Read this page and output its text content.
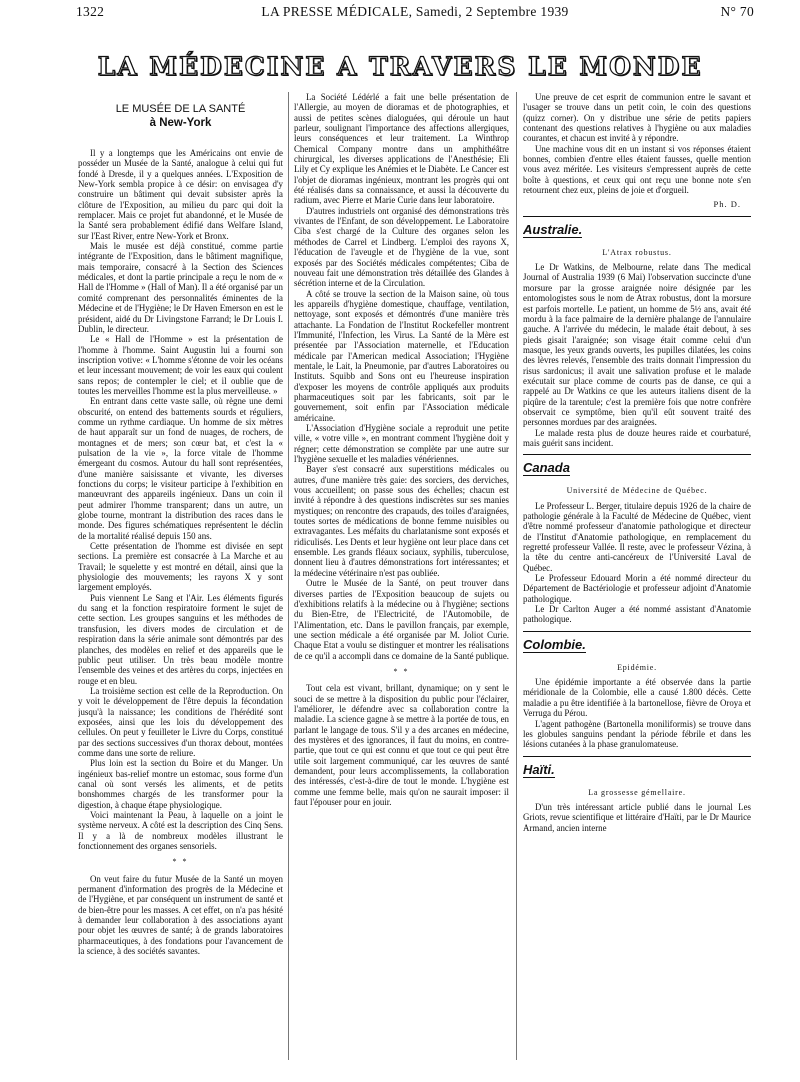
1322	LA PRESSE MÉDICALE, Samedi, 2 Septembre 1939	N° 70
LA MÉDECINE A TRAVERS LE MONDE
LE MUSÉE DE LA SANTÉ
à New-York

Il y a longtemps que les Américains ont envie de posséder un Musée de la Santé, analogue à celui qui fut fondé à Dresde, il y a quelques années. L'Exposition de New-York sembla propice à ce désir: on envisagea d'y construire un bâtiment qui devait subsister après la clôture de l'Exposition, au milieu du parc qui doit la remplacer. Mais ce projet fut abandonné, et le Musée de la Santé sera probablement édifié dans Welfare Island, sur l'East River, entre New-York et Bronx.

Mais le musée est déjà constitué, comme partie intégrante de l'Exposition, dans le bâtiment magnifique, mais temporaire, consacré à la Section des Sciences médicales, et dont la partie principale a reçu le nom de « Hall de l'Homme » (Hall of Man). Il a été organisé par un comité comprenant des personnalités éminentes de la Médecine et de l'Hygiène; le Dr Haven Emerson en est le président, aidé du Dr Livingstone Farrand; le Dr Louis I. Dublin, le directeur.

Le « Hall de l'Homme » est la présentation de l'homme à l'homme. Saint Augustin lui a fourni son inscription votive: « L'homme s'étonne de voir les océans et leur incessant mouvement; de voir les eaux qui coulent sans repos; de contempler le ciel; et il oublie que de toutes les merveilles l'homme est la plus merveilleuse. »

En entrant dans cette vaste salle, où règne une demi obscurité, on entend des battements sourds et réguliers, comme un rythme cardiaque. Un homme de six mètres de haut apparaît sur un fond de nuages, de rochers, de montagnes et de mers; son cœur bat, et c'est la « pulsation de la vie », la force vitale de l'homme émergeant du cosmos. Autour du hall sont représentées, d'une manière saisissante et vivante, les diverses fonctions du corps; le visiteur participe à l'exhibition en manœuvrant des appareils ingénieux. Dans un coin il peut admirer l'homme transparent; dans un autre, un globe tourne, montrant la distribution des races dans le monde. Des figures schématiques représentent le déclin de la mortalité réalisé depuis 150 ans.

Cette présentation de l'homme est divisée en sept sections. La première est consacrée à La Marche et au Travail; le squelette y est montré en détail, ainsi que la physiologie des mouvements; les rayons X y sont largement employés.

Puis viennent Le Sang et l'Air. Les éléments figurés du sang et la fonction respiratoire forment le sujet de cette section. Les groupes sanguins et les méthodes de transfusion, les divers modes de circulation et de respiration dans la série animale sont démontrés par des planches, des modèles en relief et des appareils que le public peut utiliser. Un très beau modèle montre l'ensemble des veines et des artères du corps, injectées en rouge et en bleu.

La troisième section est celle de la Reproduction. On y voit le développement de l'être depuis la fécondation jusqu'à la naissance; les conditions de l'hérédité sont exposées, ainsi que les lois du développement des cellules. On peut y feuilleter le Livre du Corps, constitué par des sections successives d'un thorax debout, montées comme dans une sorte de reliure.

Plus loin est la section du Boire et du Manger. Un ingénieux bas-relief montre un estomac, sous forme d'un canal où sont versés les aliments, et de petits bonshommes chargés de les transformer pour la digestion, à chaque étape physiologique.

Voici maintenant la Peau, à laquelle on a joint le système nerveux. A côté est la description des Cinq Sens. Il y a là de nombreux modèles illustrant le fonctionnement des organes sensoriels.

* *

On veut faire du futur Musée de la Santé un moyen permanent d'information des progrès de la Médecine et de l'Hygiène, et par conséquent un instrument de santé et de bien-être pour les masses. A cet effet, on n'a pas hésité à demander leur collaboration à des associations ayant pour objet les œuvres de santé; à de grands laboratoires pharmaceutiques, à des fondations pour l'avancement de la science, à des sociétés savantes.

La Société Lédérlé a fait une belle présentation de l'Allergie, au moyen de dioramas et de photographies, et aussi de petites scènes dialoguées, qui déroule un haut parleur, soulignant l'importance des affections allergiques, leurs conséquences et leur traitement. La Winthrop Chemical Company montre dans un amphithéâtre chirurgical, les diverses applications de l'Anesthésie; Eli Lily et Cy explique les Anémies et le Diabète. Le Cancer est l'objet de dioramas ingénieux, montrant les progrès qui ont été réalisés dans sa connaissance, et aussi la découverte du radium, avec Pierre et Marie Curie dans leur laboratoire.

D'autres industriels ont organisé des démonstrations très vivantes de l'Enfant, de son développement. Le Laboratoire Ciba s'est chargé de la Culture des organes selon les méthodes de Carrel et Lindberg. L'emploi des rayons X, l'éducation de l'aveugle et de l'hygiène de la vue, sont exposés par des Sociétés médicales compétentes; Ciba de nouveau fait une démonstration très détaillée des Glandes à sécrétion interne et de la Circulation.

A côté se trouve la section de la Maison saine, où tous les appareils d'hygiène domestique, chauffage, ventilation, nettoyage, sont exposés et démontrés d'une manière très attachante. La Fondation de l'Institut Rockefeller montrent l'Immunité, l'Infection, les Virus. La Santé de la Mère est présentée par l'Association maternelle, et l'Education médicale par l'American medical Association; l'Hygiène mentale, le Lait, la Pneumonie, par d'autres Laboratoires ou Instituts. Squibb and Sons ont eu l'heureuse inspiration d'exposer les moyens de contrôle appliqués aux produits pharmaceutiques soit par les fabricants, soit par le gouvernement, soit enfin par l'Association médicale américaine.

L'Association d'Hygiène sociale a reproduit une petite ville, « votre ville », en montrant comment l'hygiène doit y régner; cette démonstration se complète par une autre sur l'hygiène sexuelle et les maladies vénériennes.

Bayer s'est consacré aux superstitions médicales ou autres, d'une manière très gaie: des sorciers, des derviches, vous accueillent; on passe sous des échelles; chacun est invité à répondre à des questions indiscrètes sur ses manies mystiques; on rencontre des crapauds, des toiles d'araignées, toutes sortes de médications de bonne femme nuisibles ou extravagantes. Les méfaits du charlatanisme sont exposés et ridiculisés. Les Dents et leur hygiène ont leur place dans cet ensemble. Les grands fléaux sociaux, syphilis, tuberculose, donnent lieu à d'autres démonstrations fort intéressantes; et la médecine vétérinaire n'est pas oubliée.

Outre le Musée de la Santé, on peut trouver dans diverses parties de l'Exposition beaucoup de sujets ou d'exhibitions relatifs à la médecine ou à l'hygiène; sections du Bien-Etre, de l'Electricité, de l'Automobile, de l'Alimentation, etc. Dans le pavillon français, par exemple, une section médicale a été organisée par M. Joliot Curie. Chaque Etat a voulu se distinguer et montrer les réalisations de ce qu'il a accompli dans ce domaine de la Santé publique.

* *

Tout cela est vivant, brillant, dynamique; on y sent le souci de se mettre à la disposition du public pour l'éclairer, l'améliorer, le défendre avec sa collaboration contre la maladie. La science gagne à se mettre à la portée de tous, en parlant le langage de tous. S'il y a des arcanes en médecine, des mystères et des ignorances, il faut du moins, en contre-partie, que tout ce qui est connu et que tout ce qui peut être utile soit largement communiqué, car les œuvres de santé demandent, pour leurs accomplissements, la collaboration des intéressés, c'est-à-dire de tout le monde. L'hygiène est comme une femme belle, mais qu'on ne saurait imposer: il faut l'épouser pour en jouir.

Une preuve de cet esprit de communion entre le savant et l'usager se trouve dans un petit coin, le coin des questions (quizz corner). On y distribue une série de petits papiers contenant des questions relatives à l'hygiène ou aux maladies courantes, et chacun est invité à y répondre.

Une machine vous dit en un instant si vos réponses étaient bonnes, combien d'entre elles étaient fausses, quelle mention vous avez méritée. Les visiteurs s'empressent auprès de cette boîte à questions, et ceux qui ont reçu une bonne note s'en retournent chez eux, pleins de joie et d'orgueil.

Ph. D.
Australie.
L'Atrax robustus.

Le Dr Watkins, de Melbourne, relate dans The medical Journal of Australia 1939 (6 Mai) l'observation succincte d'une morsure par la grosse araignée noire désignée par les entomologistes sous le nom de Atrax robustus, dont la morsure est parfois mortelle. Le patient, un homme de 5½ ans, avait été mordu à la face palmaire de la dernière phalange de l'annulaire gauche. A l'arrivée du médecin, le malade était debout, à ses pieds gisait l'araignée; son visage était comme celui d'un masque, les yeux grands ouverts, les pupilles dilatées, les coins des lèvres relevés, l'ensemble des traits donnait l'impression du risus sardonicus; il avait une salivation profuse et le malade exécutait sur place comme de courts pas de danse, ce qui a rappelé au Dr Watkins ce que les auteurs italiens disent de la piqûre de la tarentule; c'est la première fois que notre confrère observait ce symptôme, bien qu'il eût souvent traité des personnes mordues par des araignées.

Le malade resta plus de douze heures raide et courbaturé, mais guérit sans incident.

Canada
Université de Médecine de Québec.

Le Professeur L. Berger, titulaire depuis 1926 de la chaire de pathologie générale à la Faculté de Médecine de Québec, vient d'être nommé professeur d'anatomie pathologique et directeur de l'Institut d'Anatomie pathologique, en remplacement du regretté professeur Vallée. Il reste, avec le professeur Vézina, à la tête du centre anti-cancéreux de l'Université Laval de Québec.

Le Professeur Edouard Morin a été nommé directeur du Département de Bactériologie et professeur adjoint d'Anatomie pathologique.

Le Dr Carlton Auger a été nommé assistant d'Anatomie pathologique.

Colombie.
Epidémie.

Une épidémie importante a été observée dans la partie méridionale de la Colombie, elle a causé 1.800 décès. Cette maladie a pu être identifiée à la bartonellose, fièvre de Oroya et Verruga du Pérou.

L'agent pathogène (Bartonella moniliformis) se trouve dans les globules sanguins pendant la période fébrile et dans les lésions cutanées à la phase granulomateuse.

Haïti.
La grossesse gémellaire.

D'un très intéressant article publié dans le journal Les Griots, revue scientifique et littéraire d'Haïti, par le Dr Maurice Armand, ancien interne
